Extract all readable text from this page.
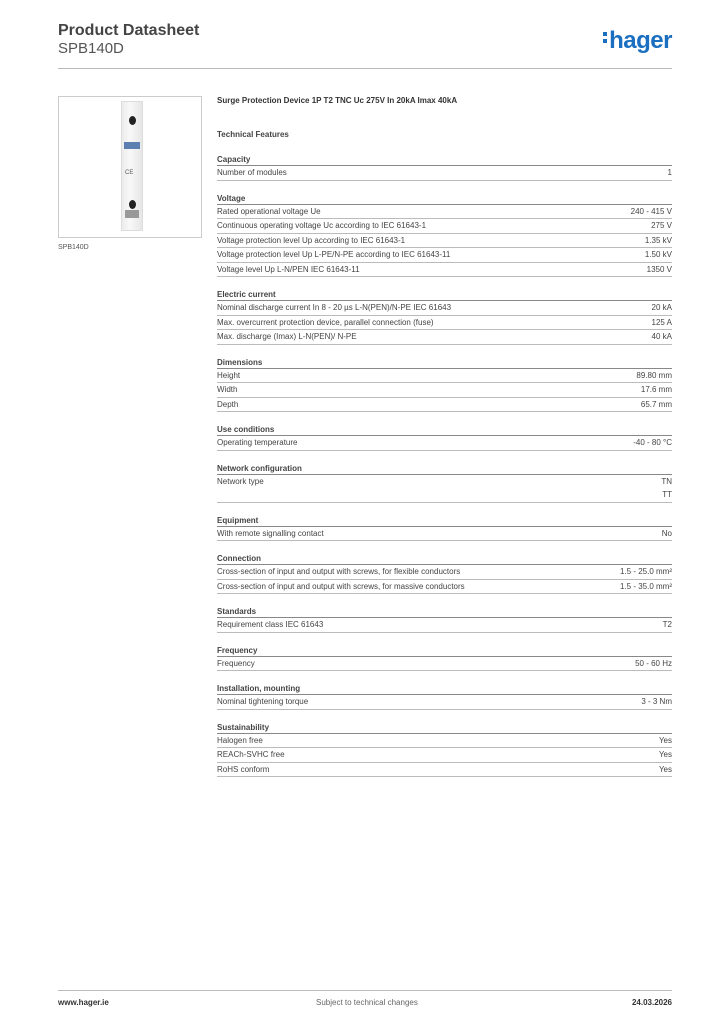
Product Datasheet
SPB140D	hager
CE
SPB140D
Surge Protection Device 1P T2 TNC Uc 275V In 20kA Imax 40kA
Technical Features
Capacity
Number of modules	1
Voltage
Rated operational voltage Ue	240 - 415 V
Continuous operating voltage Uc according to IEC 61643-1	275 V
Voltage protection level Up according to IEC 61643-1	1.35 kV
Voltage protection level Up L-PE/N-PE according to IEC 61643-11	1.50 kV
Voltage level Up L-N/PEN IEC 61643-11	1350 V
Electric current
Nominal discharge current In 8 - 20 µs L-N(PEN)/N-PE IEC 61643	20 kA
Max. overcurrent protection device, parallel connection (fuse)	125 A
Max. discharge (Imax) L-N(PEN)/ N-PE	40 kA
Dimensions
Height	89.80 mm
Width	17.6 mm
Depth	65.7 mm
Use conditions
Operating temperature	-40 - 80 °C
Network configuration
Network type	TN
TT
Equipment
With remote signalling contact	No
Connection
Cross-section of input and output with screws, for flexible conductors	1.5 - 25.0 mm²
Cross-section of input and output with screws, for massive conductors	1.5 - 35.0 mm²
Standards
Requirement class IEC 61643	T2
Frequency
Frequency	50 - 60 Hz
Installation, mounting
Nominal tightening torque	3 - 3 Nm
Sustainability
Halogen free	Yes
REACh-SVHC free	Yes
RoHS conform	Yes
www.hager.ie	Subject to technical changes	24.03.2026
